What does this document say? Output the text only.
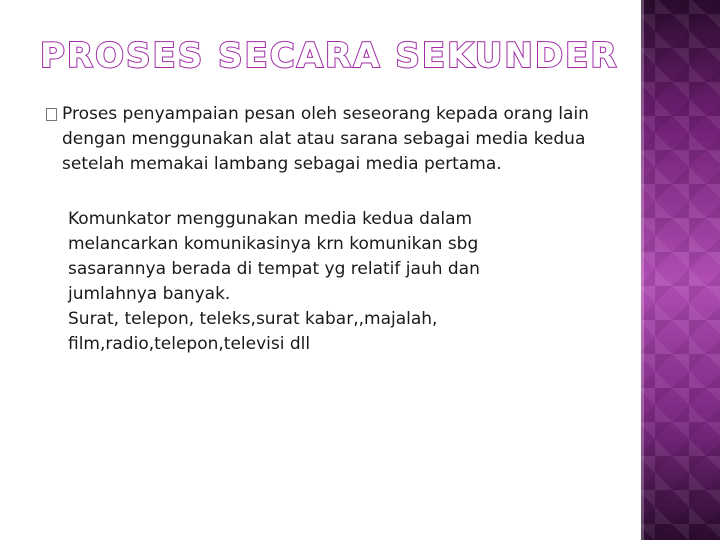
PROSES SECARA SEKUNDER
Proses penyampaian pesan oleh seseorang kepada orang lain dengan menggunakan alat atau sarana sebagai media kedua setelah memakai lambang sebagai media pertama.
Komunkator menggunakan media kedua dalam
melancarkan komunikasinya krn komunikan sbg
sasarannya berada di tempat yg relatif jauh dan
jumlahnya banyak.
Surat, telepon, teleks,surat kabar,,majalah,
film,radio,telepon,televisi dll
